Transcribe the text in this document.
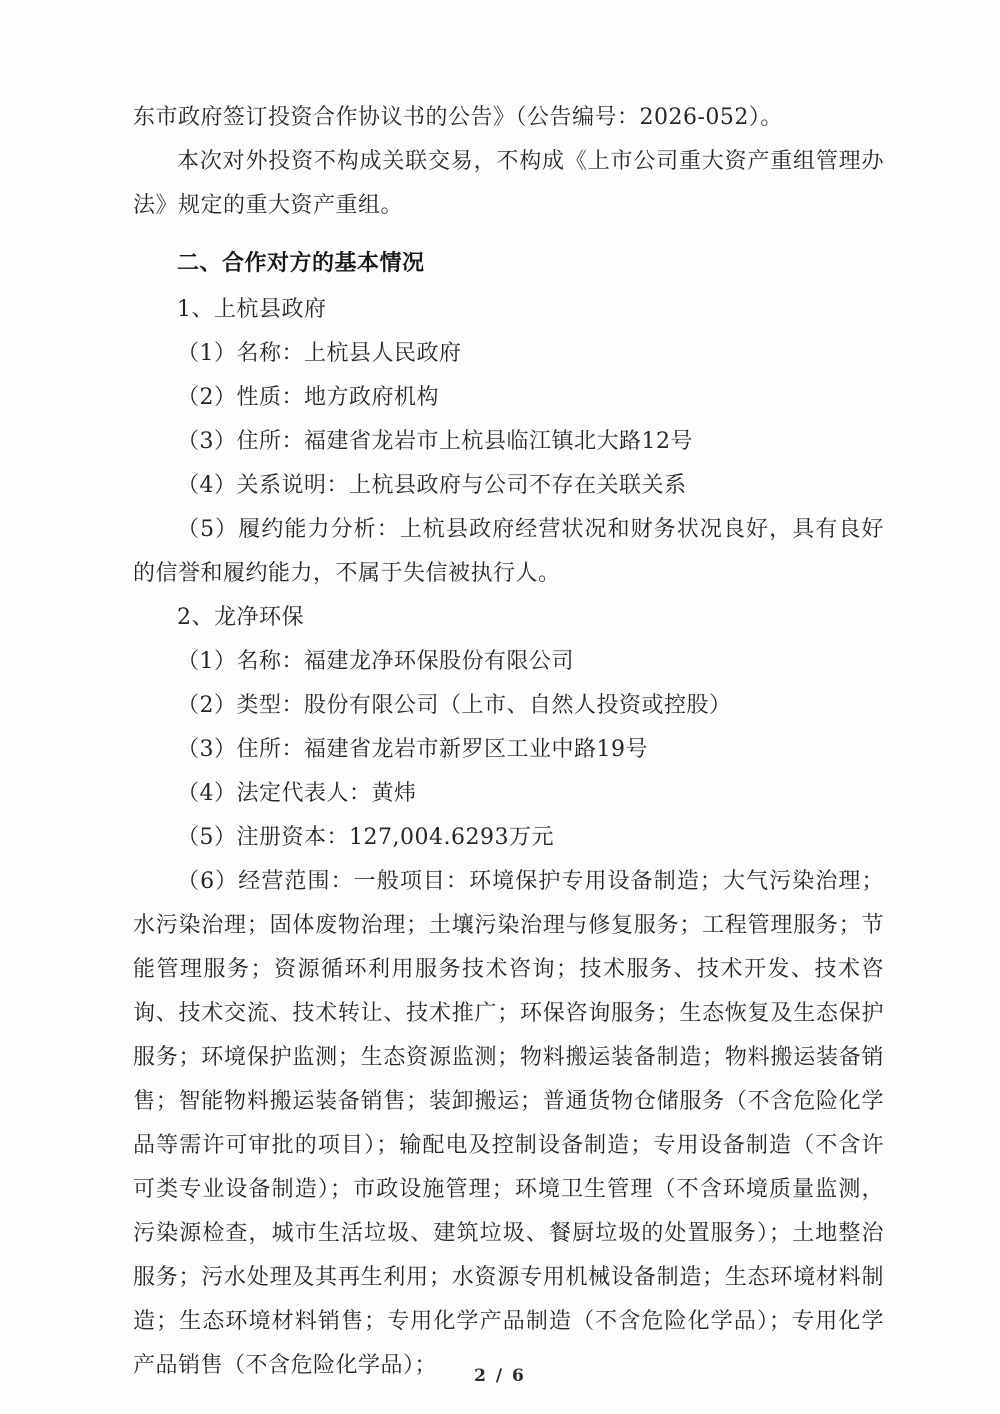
东市政府签订投资合作协议书的公告》（公告编号：2026-052）。

本次对外投资不构成关联交易，不构成《上市公司重大资产重组管理办法》规定的重大资产重组。

二、合作对方的基本情况

1、上杭县政府

（1）名称：上杭县人民政府

（2）性质：地方政府机构

（3）住所：福建省龙岩市上杭县临江镇北大路12号

（4）关系说明：上杭县政府与公司不存在关联关系

（5）履约能力分析：上杭县政府经营状况和财务状况良好，具有良好的信誉和履约能力，不属于失信被执行人。

2、龙净环保

（1）名称：福建龙净环保股份有限公司

（2）类型：股份有限公司（上市、自然人投资或控股）

（3）住所：福建省龙岩市新罗区工业中路19号

（4）法定代表人：黄炜

（5）注册资本：127,004.6293万元

（6）经营范围：一般项目：环境保护专用设备制造；大气污染治理；水污染治理；固体废物治理；土壤污染治理与修复服务；工程管理服务；节能管理服务；资源循环利用服务技术咨询；技术服务、技术开发、技术咨询、技术交流、技术转让、技术推广；环保咨询服务；生态恢复及生态保护服务；环境保护监测；生态资源监测；物料搬运装备制造；物料搬运装备销售；智能物料搬运装备销售；装卸搬运；普通货物仓储服务（不含危险化学品等需许可审批的项目）；输配电及控制设备制造；专用设备制造（不含许可类专业设备制造）；市政设施管理；环境卫生管理（不含环境质量监测，污染源检查，城市生活垃圾、建筑垃圾、餐厨垃圾的处置服务）；土地整治服务；污水处理及其再生利用；水资源专用机械设备制造；生态环境材料制造；生态环境材料销售；专用化学产品制造（不含危险化学品）；专用化学产品销售（不含危险化学品）；	2 / 6
